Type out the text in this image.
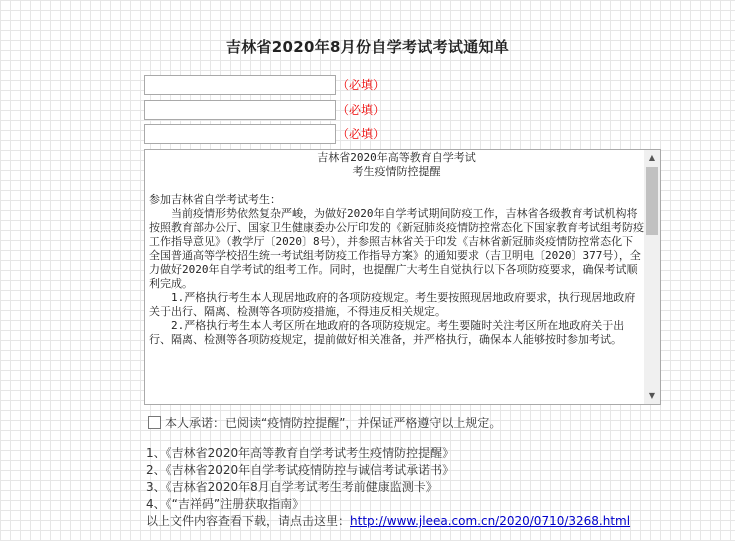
吉林省2020年8月份自学考试考试通知单
（必填）
（必填）
（必填）
吉林省2020年高等教育自学考试
考生疫情防控提醒

参加吉林省自学考试考生：
　　当前疫情形势依然复杂严峻，为做好2020年自学考试期间防疫工作，吉林省各级教育考试机构将按照教育部办公厅、国家卫生健康委办公厅印发的《新冠肺炎疫情防控常态化下国家教育考试组考防疫工作指导意见》（教学厅〔2020〕8号），并参照吉林省关于印发《吉林省新冠肺炎疫情防控常态化下全国普通高等学校招生统一考试组考防疫工作指导方案》的通知要求（吉卫明电〔2020〕377号），全力做好2020年自学考试的组考工作。同时，也提醒广大考生自觉执行以下各项防疫要求，确保考试顺利完成。
　　1.严格执行考生本人现居地政府的各项防疫规定。考生要按照现居地政府要求，执行现居地政府关于出行、隔离、检测等各项防疫措施，不得违反相关规定。
　　2.严格执行考生本人考区所在地政府的各项防疫规定。考生要随时关注考区所在地政府关于出行、隔离、检测等各项防疫规定，提前做好相关准备，并严格执行，确保本人能够按时参加考试。
▲
▼
本人承诺：已阅读“疫情防控提醒”，并保证严格遵守以上规定。
1、《吉林省2020年高等教育自学考试考生疫情防控提醒》
2、《吉林省2020年自学考试疫情防控与诚信考试承诺书》
3、《吉林省2020年8月自学考试考生考前健康监测卡》
4、《“吉祥码”注册获取指南》
以上文件内容查看下载，请点击这里：http://www.jleea.com.cn/2020/0710/3268.html
